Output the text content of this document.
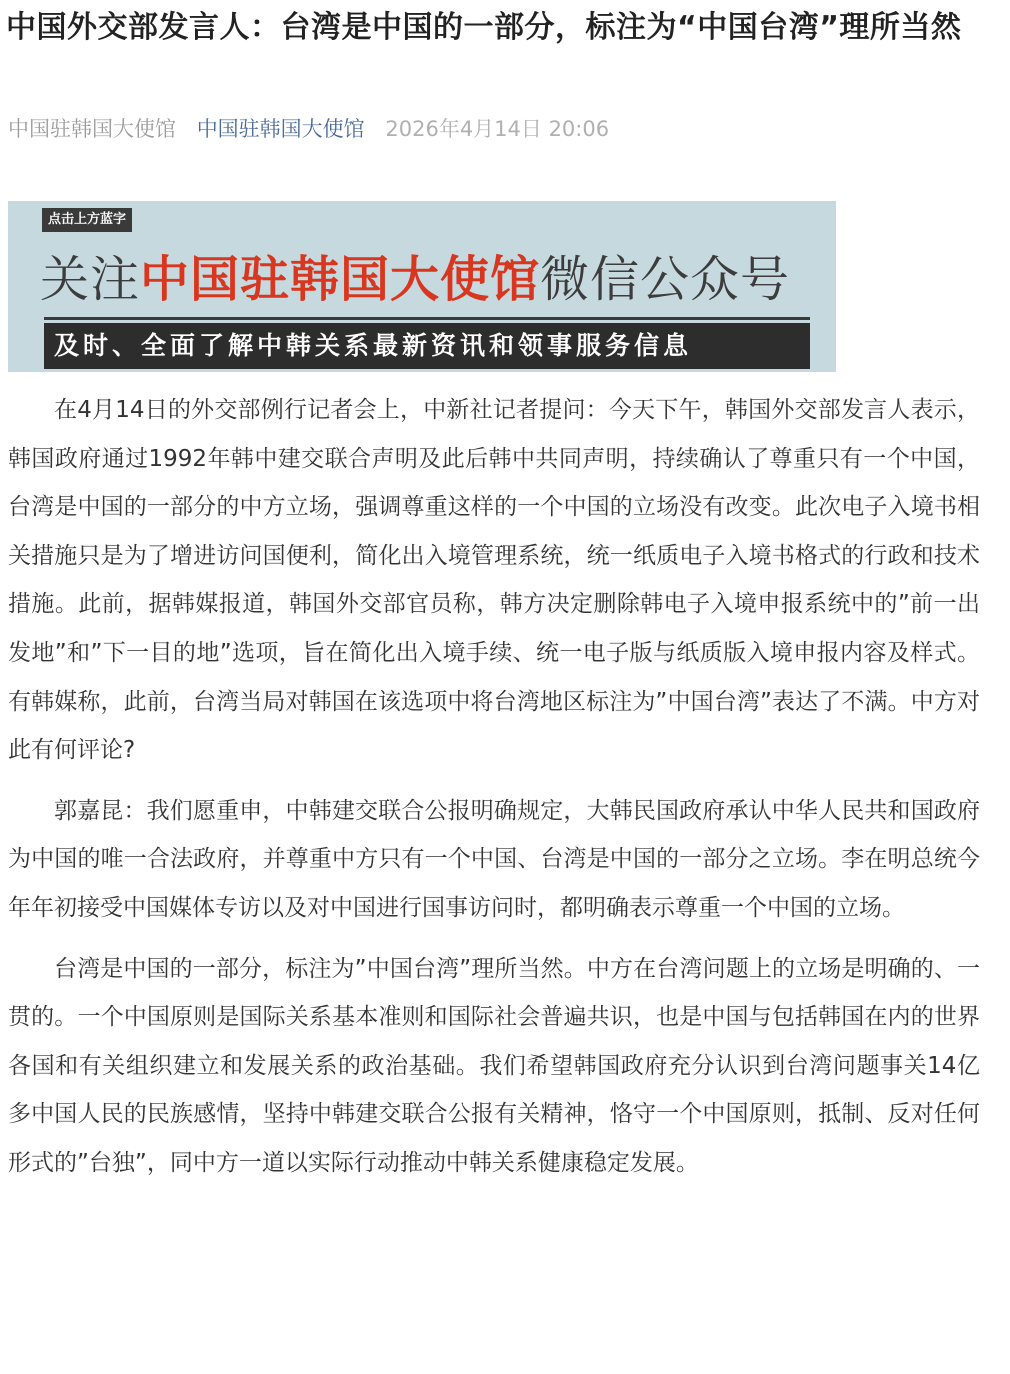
中国外交部发言人：台湾是中国的一部分，标注为“中国台湾”理所当然
中国驻韩国大使馆 中国驻韩国大使馆 2026年4月14日 20:06
点击上方蓝字
关注中国驻韩国大使馆微信公众号
及时、全面了解中韩关系最新资讯和领事服务信息

在4月14日的外交部例行记者会上，中新社记者提问：今天下午，韩国外交部发言人表示，韩国政府通过1992年韩中建交联合声明及此后韩中共同声明，持续确认了尊重只有一个中国，台湾是中国的一部分的中方立场，强调尊重这样的一个中国的立场没有改变。此次电子入境书相关措施只是为了增进访问国便利，简化出入境管理系统，统一纸质电子入境书格式的行政和技术措施。此前，据韩媒报道，韩国外交部官员称，韩方决定删除韩电子入境申报系统中的”前一出发地”和”下一目的地”选项，旨在简化出入境手续、统一电子版与纸质版入境申报内容及样式。有韩媒称，此前，台湾当局对韩国在该选项中将台湾地区标注为”中国台湾”表达了不满。中方对此有何评论?

郭嘉昆：我们愿重申，中韩建交联合公报明确规定，大韩民国政府承认中华人民共和国政府为中国的唯一合法政府，并尊重中方只有一个中国、台湾是中国的一部分之立场。李在明总统今年年初接受中国媒体专访以及对中国进行国事访问时，都明确表示尊重一个中国的立场。

台湾是中国的一部分，标注为”中国台湾”理所当然。中方在台湾问题上的立场是明确的、一贯的。一个中国原则是国际关系基本准则和国际社会普遍共识，也是中国与包括韩国在内的世界各国和有关组织建立和发展关系的政治基础。我们希望韩国政府充分认识到台湾问题事关14亿多中国人民的民族感情，坚持中韩建交联合公报有关精神，恪守一个中国原则，抵制、反对任何形式的”台独”，同中方一道以实际行动推动中韩关系健康稳定发展。
